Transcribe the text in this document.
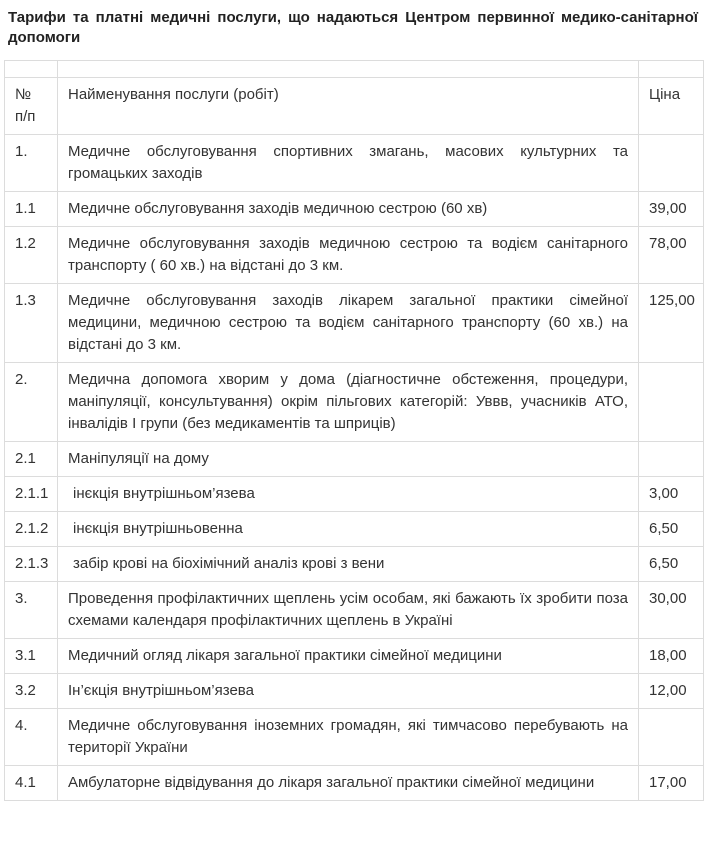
Тарифи та платні медичні послуги, що надаються Центром первинної медико-санітарної допомоги

№ п/п	Найменування послуги (робіт)	Ціна
1.	Медичне обслуговування спортивних змагань, масових культурних та громацьких заходів	
1.1	Медичне обслуговування заходів медичною сестрою (60 хв)	39,00
1.2	Медичне обслуговування заходів медичною сестрою та водієм санітарного транспорту ( 60 хв.) на відстані до 3 км.	78,00
1.3	Медичне обслуговування заходів лікарем загальної практики сімейної медицини, медичною сестрою та водієм санітарного транспорту (60 хв.) на відстані до 3 км.	125,00
2.	Медична допомога хворим у дома (діагностичне обстеження, процедури, маніпуляції, консультування) окрім пільгових категорій: Уввв, учасників АТО, інвалідів І групи (без медикаментів та шприців)	
2.1	Маніпуляції на дому	
2.1.1	інєкція внутрішньом’язева	3,00
2.1.2	інєкція внутрішньовенна	6,50
2.1.3	забір крові на біохімічний аналіз крові з вени	6,50
3.	Проведення профілактичних щеплень усім особам, які бажають їх зробити поза схемами календаря профілактичних щеплень в Україні	30,00
3.1	Медичний огляд лікаря загальної практики сімейної медицини	18,00
3.2	Ін’єкція внутрішньом’язева	12,00
4.	Медичне обслуговування іноземних громадян, які тимчасово перебувають на території України	
4.1	Амбулаторне відвідування до лікаря загальної практики сімейної медицини	17,00
